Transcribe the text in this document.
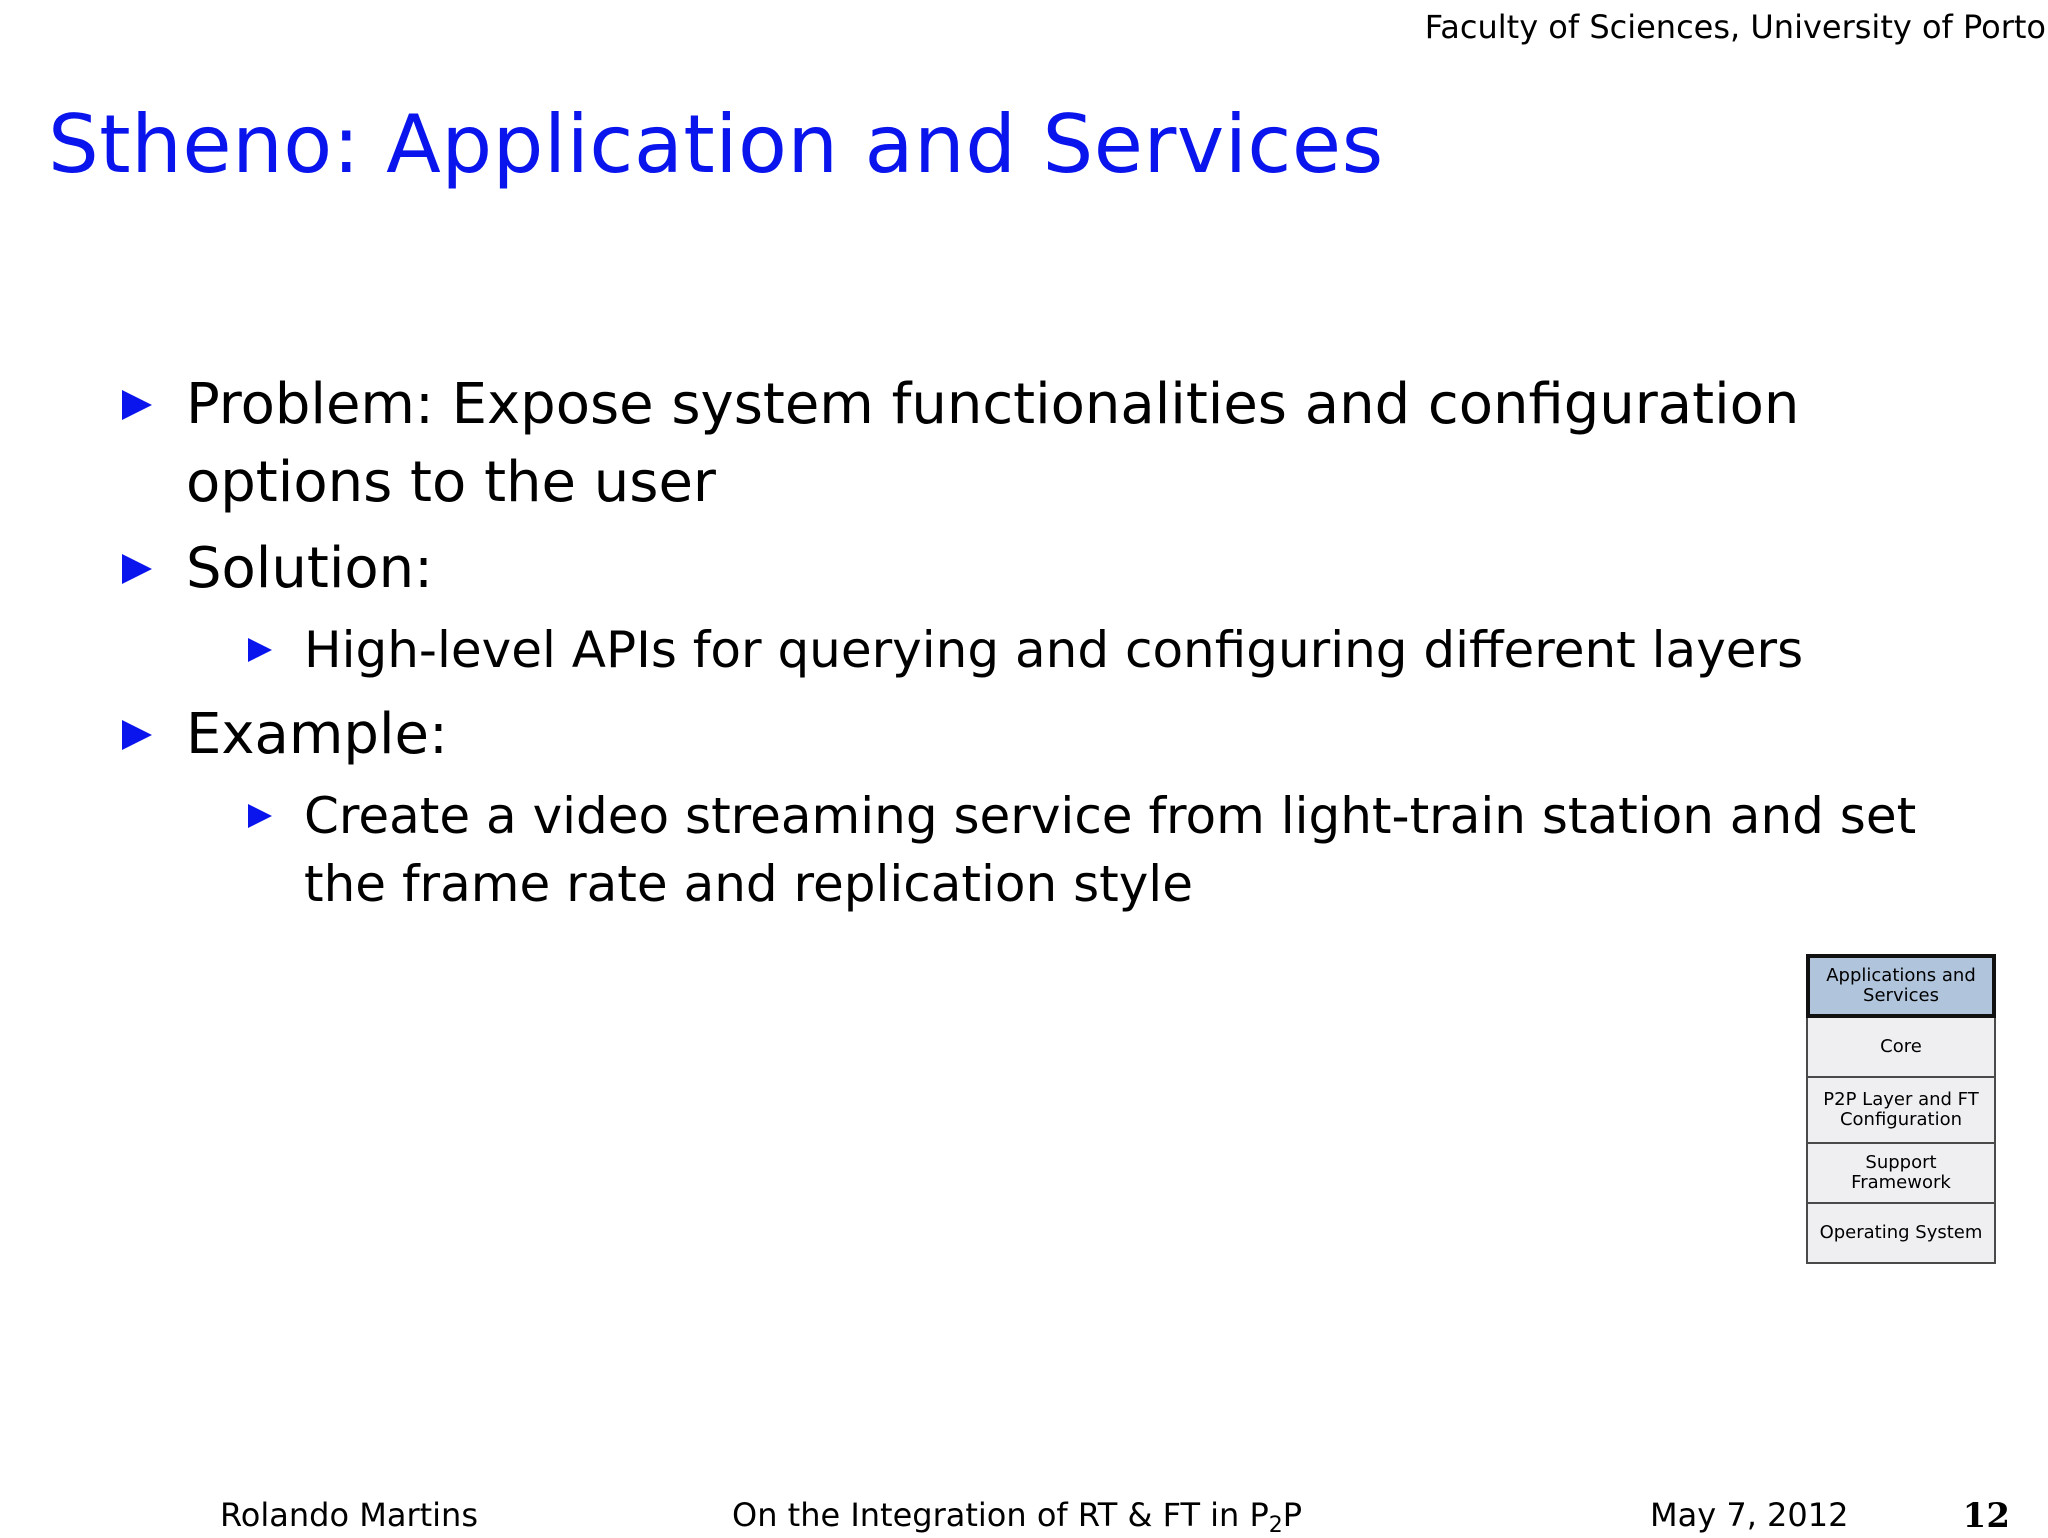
Faculty of Sciences, University of Porto
Stheno: Application and Services
Problem: Expose system functionalities and configuration options to the user
Solution:
High-level APIs for querying and configuring different layers
Example:
Create a video streaming service from light-train station and set the frame rate and replication style
Applications and Services
Core
P2P Layer and FT Configuration
Support Framework
Operating System
Rolando Martins	On the Integration of RT & FT in $P_2P$	May 7, 2012	12
